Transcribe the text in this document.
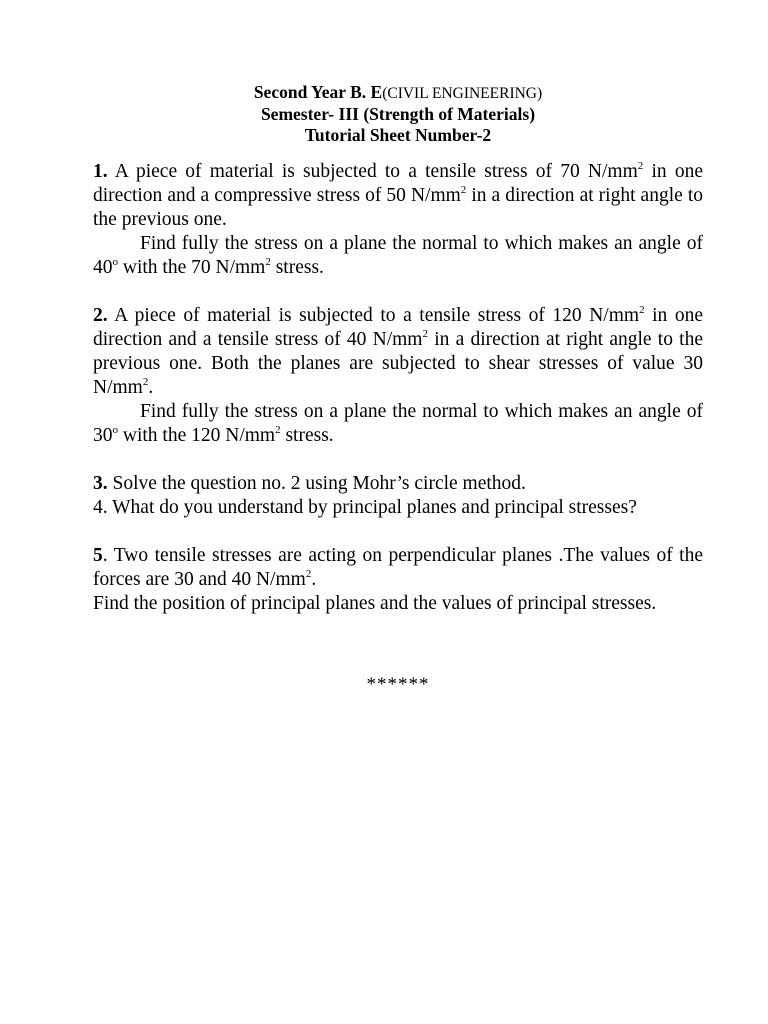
Second Year B. E(CIVIL ENGINEERING)
Semester- III (Strength of Materials)
Tutorial Sheet Number-2

1. A piece of material is subjected to a tensile stress of 70 $N/mm^2$ in one direction and a compressive stress of 50 $N/mm^2$ in a direction at right angle to the previous one.

Find fully the stress on a plane the normal to which makes an angle of 40$^o$ with the 70 $N/mm^2$ stress.

2. A piece of material is subjected to a tensile stress of 120 $N/mm^2$ in one direction and a tensile stress of 40 $N/mm^2$ in a direction at right angle to the previous one. Both the planes are subjected to shear stresses of value 30 $N/mm^2$.

Find fully the stress on a plane the normal to which makes an angle of 30$^o$ with the 120 $N/mm^2$ stress.

3. Solve the question no. 2 using Mohr’s circle method.

4. What do you understand by principal planes and principal stresses?

5. Two tensile stresses are acting on perpendicular planes .The values of the forces are 30 and 40 $N/mm^2$.

Find the position of principal planes and the values of principal stresses.

******
